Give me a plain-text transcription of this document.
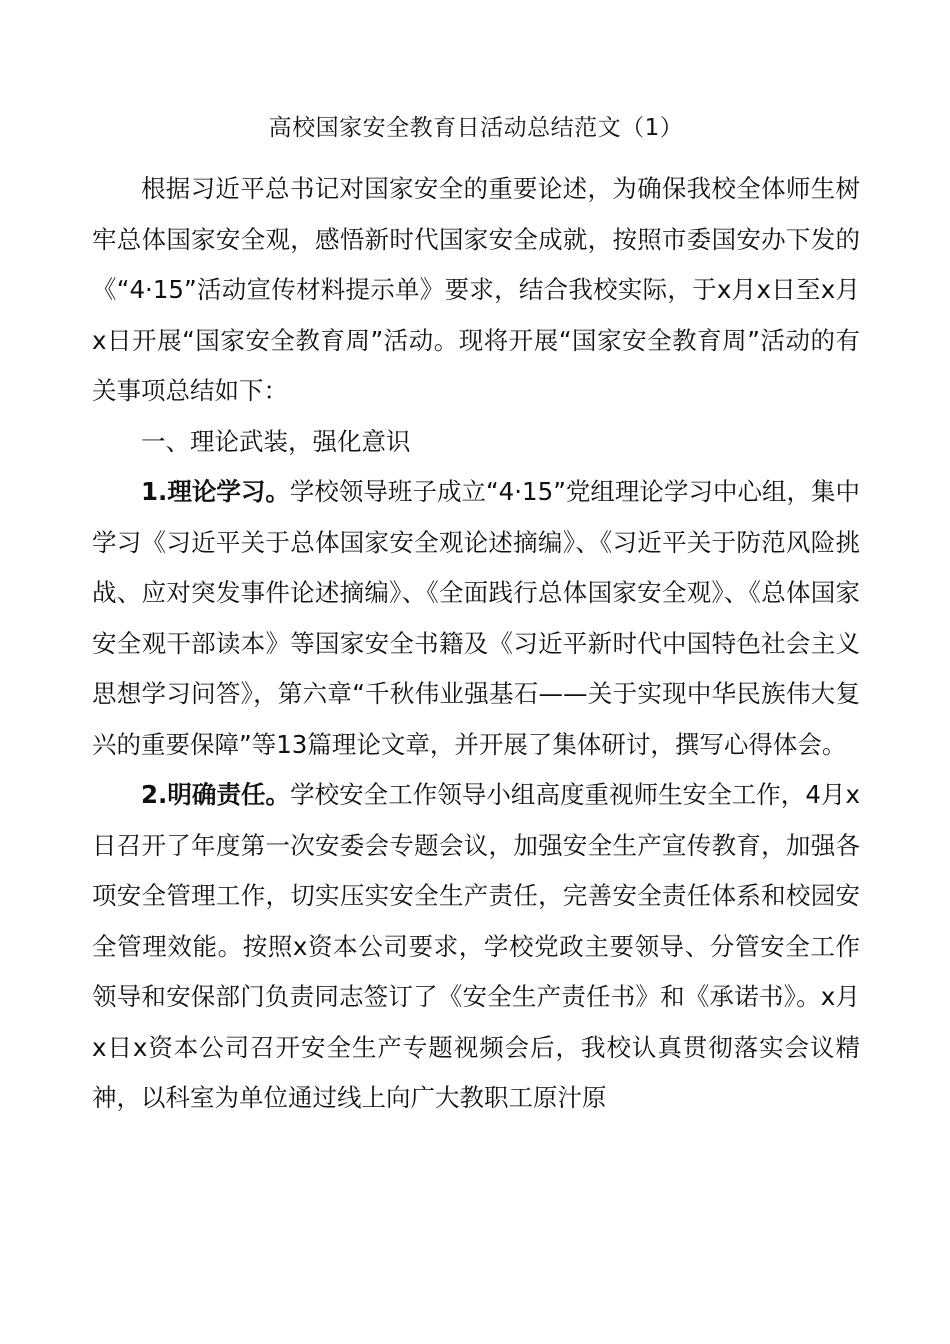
高校国家安全教育日活动总结范文（1）

根据习近平总书记对国家安全的重要论述，为确保我校全体师生树牢总体国家安全观，感悟新时代国家安全成就，按照市委国安办下发的《“4·15”活动宣传材料提示单》要求，结合我校实际，于x月x日至x月x日开展“国家安全教育周”活动。现将开展“国家安全教育周”活动的有关事项总结如下：

一、理论武装，强化意识

1.理论学习。学校领导班子成立“4·15”党组理论学习中心组，集中学习《习近平关于总体国家安全观论述摘编》、《习近平关于防范风险挑战、应对突发事件论述摘编》、《全面践行总体国家安全观》、《总体国家安全观干部读本》等国家安全书籍及《习近平新时代中国特色社会主义思想学习问答》，第六章“千秋伟业强基石——关于实现中华民族伟大复兴的重要保障”等13篇理论文章，并开展了集体研讨，撰写心得体会。

2.明确责任。学校安全工作领导小组高度重视师生安全工作，4月x日召开了年度第一次安委会专题会议，加强安全生产宣传教育，加强各项安全管理工作，切实压实安全生产责任，完善安全责任体系和校园安全管理效能。按照x资本公司要求，学校党政主要领导、分管安全工作领导和安保部门负责同志签订了《安全生产责任书》和《承诺书》。x月x日x资本公司召开安全生产专题视频会后，我校认真贯彻落实会议精神，以科室为单位通过线上向广大教职工原汁原
